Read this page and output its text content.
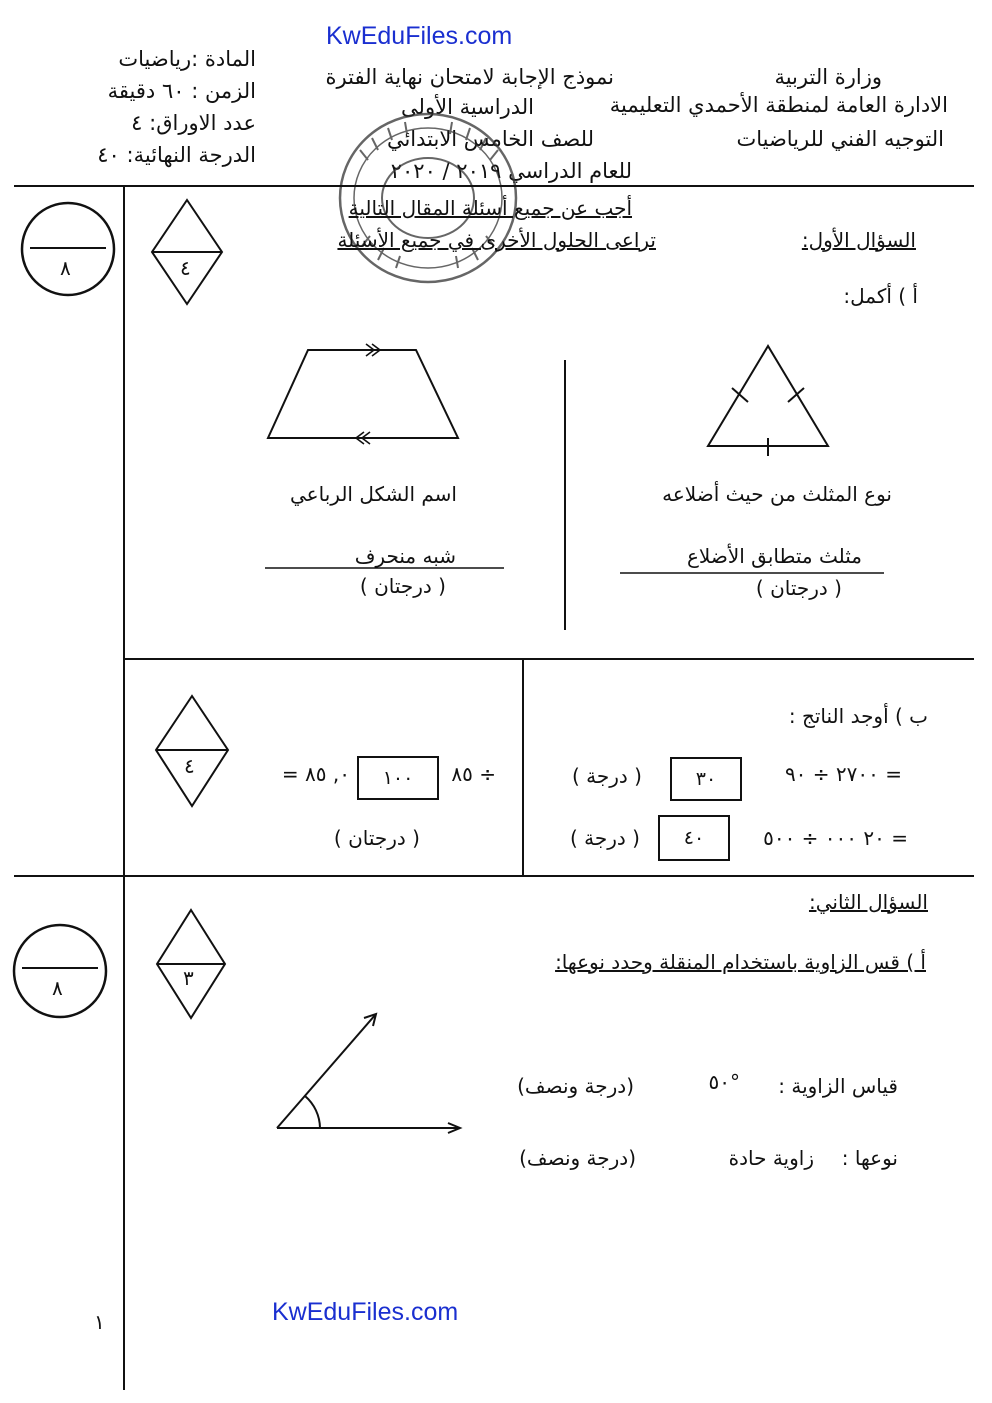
KwEduFiles.com
KwEduFiles.com
وزارة التربية
الادارة العامة لمنطقة الأحمدي التعليمية
التوجيه الفني للرياضيات
نموذج الإجابة لامتحان نهاية الفترة
الدراسية الأولى
للصف الخامس الابتدائي
للعام الدراسي ٢٠١٩ / ٢٠٢٠
المادة :رياضيات
الزمن : ٦٠ دقيقة
عدد الاوراق: ٤
الدرجة النهائية: ٤٠
أجب عن جميع أسئلة المقال التالية
تراعى الحلول الأخرى في جميع الأسئلة
٨	٤
السؤال الأول:
أ ) أكمل:
نوع المثلث من حيث أضلاعه
اسم الشكل الرباعي
مثلث متطابق الأضلاع
شبه منحرف
( درجتان )
( درجتان )
٤
ب ) أوجد الناتج :
٢٧٠٠ ÷ ٩٠ =
٣٠
( درجة )
٢٠ ٠٠٠ ÷ ٥٠٠ =
٤٠
( درجة )
٨٥ ÷
١٠٠
= ٠, ٨٥
( درجتان )
٨	٣
السؤال الثاني:
أ ) قس الزاوية باستخدام المنقلة وحدد نوعها:
قياس الزاوية :
٥٠°
(درجة ونصف)
نوعها :
زاوية حادة
(درجة ونصف)
١
